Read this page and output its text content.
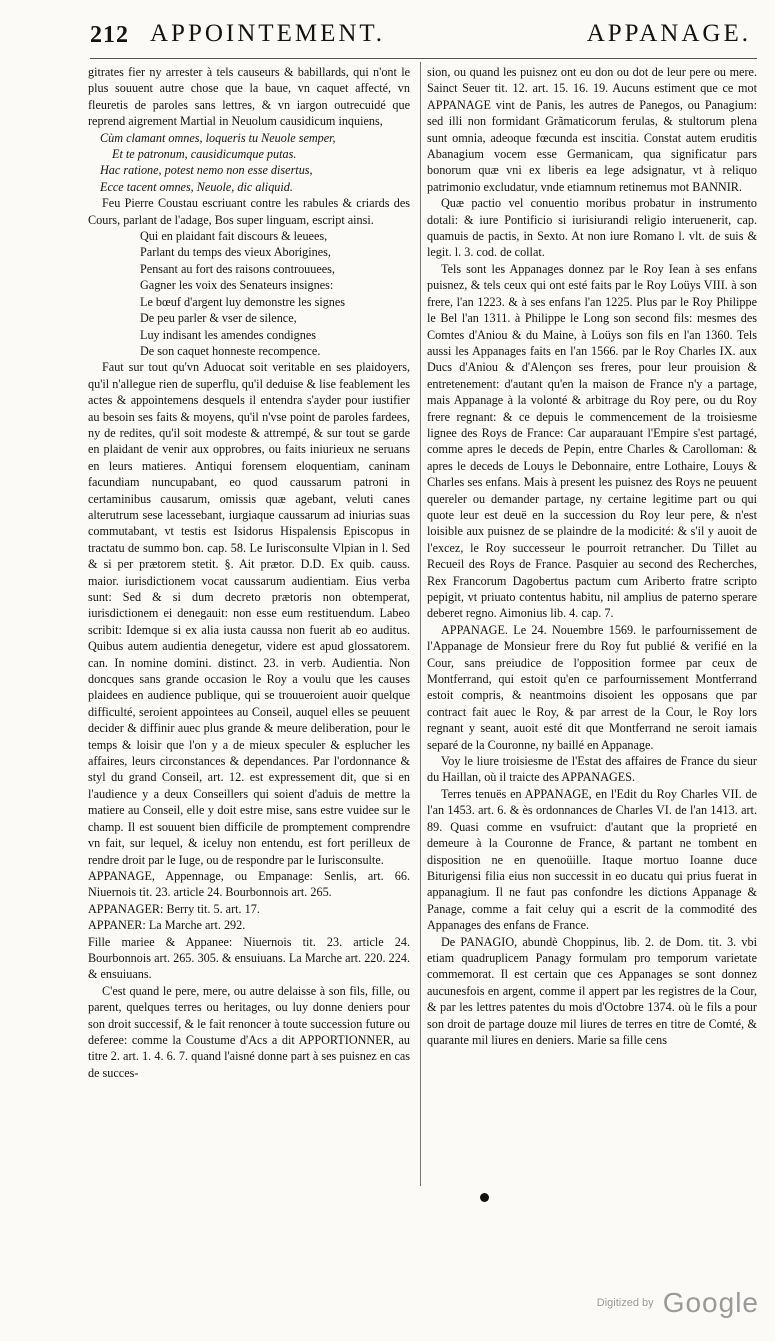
212 APPOINTEMENT.	APPANAGE.

gitrates fier ny arrester à tels causeurs & babillards, qui n'ont le plus souuent autre chose que la baue, vn caquet affecté, vn fleuretis de paroles sans lettres, & vn iargon outrecuidé que reprend aigrement Martial in Neuolum causidicum inquiens,

Cùm clamant omnes, loqueris tu Neuole semper,
Et te patronum, causidicumque putas.
Hac ratione, potest nemo non esse disertus,
Ecce tacent omnes, Neuole, dic aliquid.

Feu Pierre Coustau escriuant contre les rabules & criards des Cours, parlant de l'adage, Bos super linguam, escript ainsi.

Qui en plaidant fait discours & leuees,
Parlant du temps des vieux Aborigines,
Pensant au fort des raisons controuuees,
Gagner les voix des Senateurs insignes:
Le bœuf d'argent luy demonstre les signes
De peu parler & vser de silence,
Luy indisant les amendes condignes
De son caquet honneste recompence.

Faut sur tout qu'vn Aduocat soit veritable en ses plaidoyers, qu'il n'allegue rien de superflu, qu'il deduise & lise feablement les actes & appointemens desquels il entendra s'ayder pour iustifier au besoin ses faits & moyens, qu'il n'vse point de paroles fardees, ny de redites, qu'il soit modeste & attrempé, & sur tout se garde en plaidant de venir aux opprobres, ou faits iniurieux ne seruans en leurs matieres. Antiqui forensem eloquentiam, caninam facundiam nuncupabant, eo quod caussarum patroni in certaminibus causarum, omissis quæ agebant, veluti canes alterutrum sese lacessebant, iurgiaque caussarum ad iniurias suas commutabant, vt testis est Isidorus Hispalensis Episcopus in tractatu de summo bon. cap. 58. Le Iurisconsulte Vlpian in l. Sed & si per prætorem stetit. §. Ait prætor. D.D. Ex quib. causs. maior. iurisdictionem vocat caussarum audientiam. Eius verba sunt: Sed & si dum decreto prætoris non obtemperat, iurisdictionem ei denegauit: non esse eum restituendum. Labeo scribit: Idemque si ex alia iusta caussa non fuerit ab eo auditus. Quibus autem audientia denegetur, videre est apud glossatorem. can. In nomine domini. distinct. 23. in verb. Audientia. Non doncques sans grande occasion le Roy a voulu que les causes plaidees en audience publique, qui se trouueroient auoir quelque difficulté, seroient appointees au Conseil, auquel elles se peuuent decider & diffinir auec plus grande & meure deliberation, pour le temps & loisir que l'on y a de mieux speculer & esplucher les affaires, leurs circonstances & dependances. Par l'ordonnance & styl du grand Conseil, art. 12. est expressement dit, que si en l'audience y a deux Conseillers qui soient d'aduis de mettre la matiere au Conseil, elle y doit estre mise, sans estre vuidee sur le champ. Il est souuent bien difficile de promptement comprendre vn fait, sur lequel, & iceluy non entendu, est fort perilleux de rendre droit par le Iuge, ou de respondre par le Iurisconsulte.

APPANAGE, Appennage, ou Empanage: Senlis, art. 66. Niuernois tit. 23. article 24. Bourbonnois art. 265.

APPANAGER: Berry tit. 5. art. 17.

APPANER: La Marche art. 292.

Fille mariee & Appanee: Niuernois tit. 23. article 24. Bourbonnois art. 265. 305. & ensuiuans. La Marche art. 220. 224. & ensuiuans.

C'est quand le pere, mere, ou autre delaisse à son fils, fille, ou parent, quelques terres ou heritages, ou luy donne deniers pour son droit successif, & le fait renoncer à toute succession future ou deferee: comme la Coustume d'Acs a dit APPORTIONNER, au titre 2. art. 1. 4. 6. 7. quand l'aisné donne part à ses puisnez en cas de succes-

sion, ou quand les puisnez ont eu don ou dot de leur pere ou mere. Sainct Seuer tit. 12. art. 15. 16. 19. Aucuns estiment que ce mot APPANAGE vint de Panis, les autres de Panegos, ou Panagium: sed illi non formidant Grãmaticorum ferulas, & stultorum plena sunt omnia, adeoque fœcunda est inscitia. Constat autem eruditis Abanagium vocem esse Germanicam, qua significatur pars bonorum quæ vni ex liberis ea lege adsignatur, vt à reliquo patrimonio excludatur, vnde etiamnum retinemus mot BANNIR.

Quæ pactio vel conuentio moribus probatur in instrumento dotali: & iure Pontificio si iurisiurandi religio interuenerit, cap. quamuis de pactis, in Sexto. At non iure Romano l. vlt. de suis & legit. l. 3. cod. de collat.

Tels sont les Appanages donnez par le Roy Iean à ses enfans puisnez, & tels ceux qui ont esté faits par le Roy Loüys VIII. à son frere, l'an 1223. & à ses enfans l'an 1225. Plus par le Roy Philippe le Bel l'an 1311. à Philippe le Long son second fils: mesmes des Comtes d'Aniou & du Maine, à Loüys son fils en l'an 1360. Tels aussi les Appanages faits en l'an 1566. par le Roy Charles IX. aux Ducs d'Aniou & d'Alençon ses freres, pour leur prouision & entretenement: d'autant qu'en la maison de France n'y a partage, mais Appanage à la volonté & arbitrage du Roy pere, ou du Roy frere regnant: & ce depuis le commencement de la troisiesme lignee des Roys de France: Car auparauant l'Empire s'est partagé, comme apres le deceds de Pepin, entre Charles & Carolloman: & apres le deceds de Louys le Debonnaire, entre Lothaire, Louys & Charles ses enfans. Mais à present les puisnez des Roys ne peuuent quereler ou demander partage, ny certaine legitime part ou qui quote leur est deuë en la succession du Roy leur pere, & n'est loisible aux puisnez de se plaindre de la modicité: & s'il y auoit de l'excez, le Roy successeur le pourroit retrancher. Du Tillet au Recueil des Roys de France. Pasquier au second des Recherches, Rex Francorum Dagobertus pactum cum Ariberto fratre scripto pepigit, vt priuato contentus habitu, nil amplius de paterno sperare deberet regno. Aimonius lib. 4. cap. 7.

APPANAGE. Le 24. Nouembre 1569. le parfournissement de l'Appanage de Monsieur frere du Roy fut publié & verifié en la Cour, sans preiudice de l'opposition formee par ceux de Montferrand, qui estoit qu'en ce parfournissement Montferrand estoit compris, & neantmoins disoient les opposans que par contract fait auec le Roy, & par arrest de la Cour, le Roy lors regnant y seant, auoit esté dit que Montferrand ne seroit iamais separé de la Couronne, ny baillé en Appanage.

Voy le liure troisiesme de l'Estat des affaires de France du sieur du Haillan, où il traicte des APPANAGES.

Terres tenuës en APPANAGE, en l'Edit du Roy Charles VII. de l'an 1453. art. 6. & ès ordonnances de Charles VI. de l'an 1413. art. 89. Quasi comme en vsufruict: d'autant que la proprieté en demeure à la Couronne de France, & partant ne tombent en disposition ne en quenoüille. Itaque mortuo Ioanne duce Biturigensi filia eius non successit in eo ducatu qui prius fuerat in appanagium. Il ne faut pas confondre les dictions Appanage & Panage, comme a fait celuy qui a escrit de la commodité des Appanages des enfans de France.

De PANAGIO, abundè Choppinus, lib. 2. de Dom. tit. 3. vbi etiam quadruplicem Panagy formulam pro temporum varietate commemorat. Il est certain que ces Appanages se sont donnez aucunesfois en argent, comme il appert par les registres de la Cour, & par les lettres patentes du mois d'Octobre 1374. où le fils a pour son droit de partage douze mil liures de terres en titre de Comté, & quarante mil liures en deniers. Marie sa fille cens

Digitized by Google
